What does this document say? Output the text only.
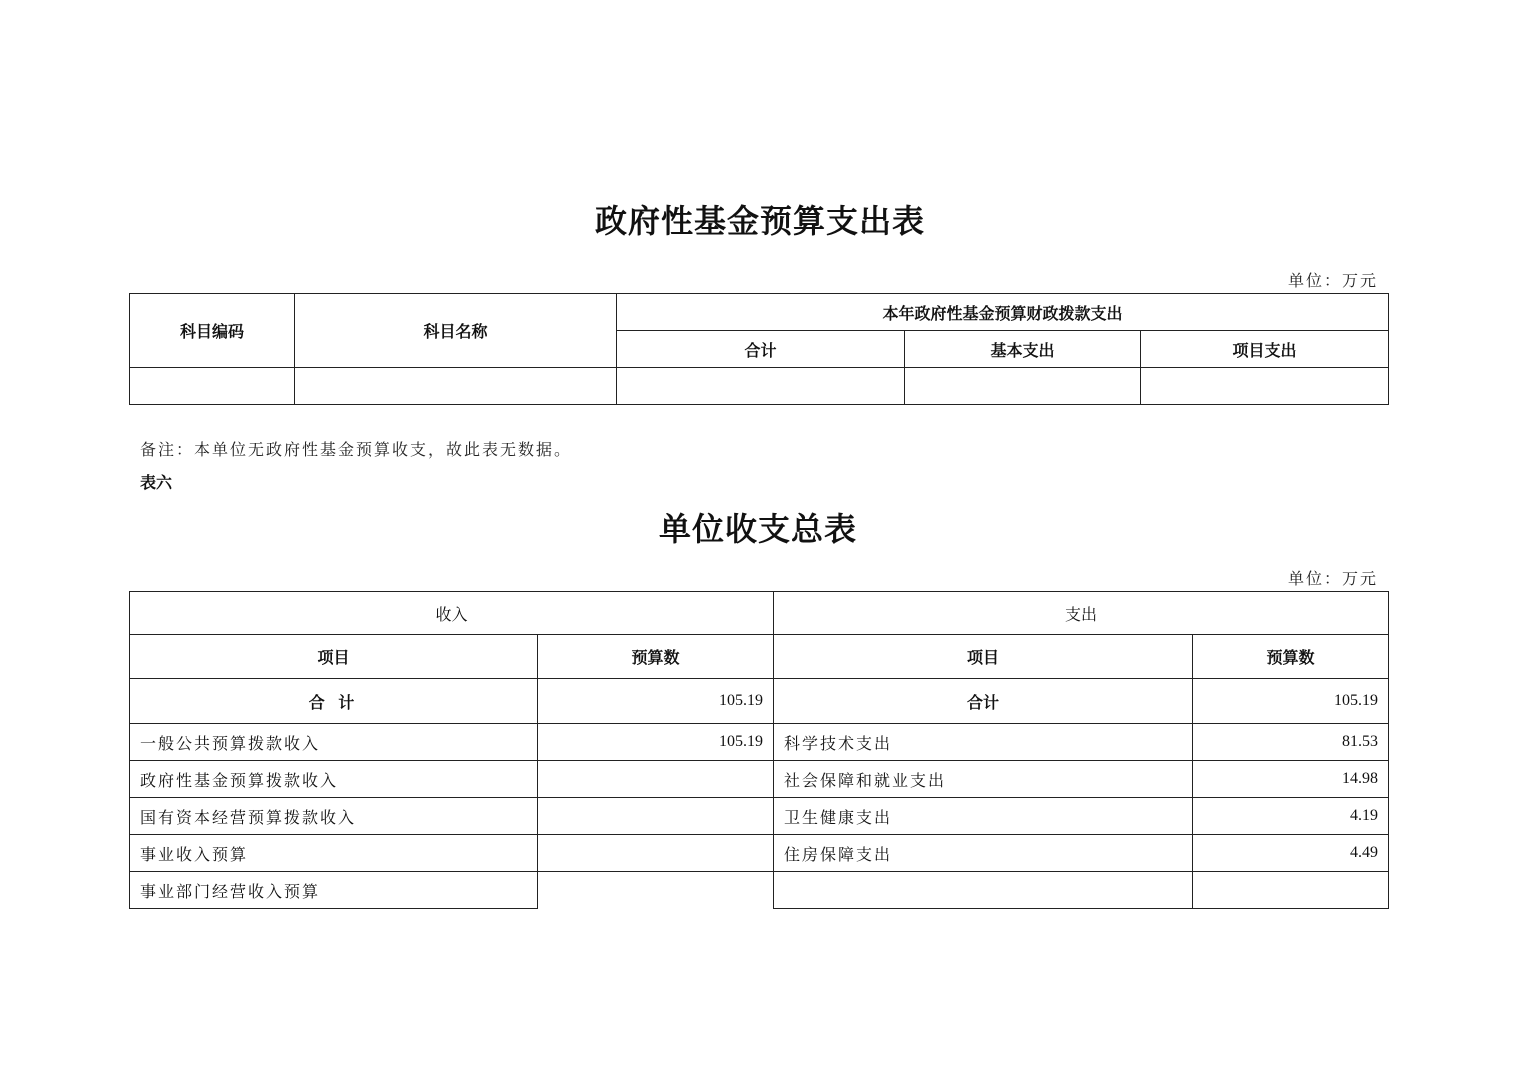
政府性基金预算支出表
单位：万元
科目编码	科目名称	本年政府性基金预算财政拨款支出		
		合计	基本支出	项目支出

备注：本单位无政府性基金预算收支，故此表无数据。
表六
单位收支总表
单位：万元
收入		支出	
项目	预算数	项目	预算数
合 计	105.19	合计	105.19
一般公共预算拨款收入	105.19	科学技术支出	81.53
政府性基金预算拨款收入		社会保障和就业支出	14.98
国有资本经营预算拨款收入		卫生健康支出	4.19
事业收入预算		住房保障支出	4.49
事业部门经营收入预算			
